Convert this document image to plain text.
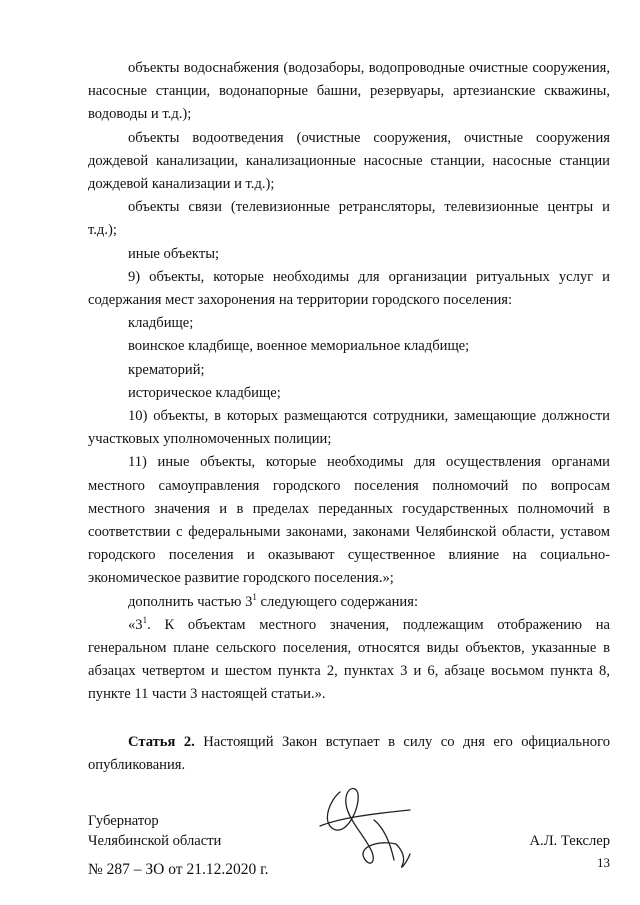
объекты водоснабжения (водозаборы, водопроводные очистные сооружения, насосные станции, водонапорные башни, резервуары, артезианские скважины, водоводы и т.д.);

объекты водоотведения (очистные сооружения, очистные сооружения дождевой канализации, канализационные насосные станции, насосные станции дождевой канализации и т.д.);

объекты связи (телевизионные ретрансляторы, телевизионные центры и т.д.);

иные объекты;

9) объекты, которые необходимы для организации ритуальных услуг и содержания мест захоронения на территории городского поселения:

кладбище;

воинское кладбище, военное мемориальное кладбище;

крематорий;

историческое кладбище;

10) объекты, в которых размещаются сотрудники, замещающие должности участковых уполномоченных полиции;

11) иные объекты, которые необходимы для осуществления органами местного самоуправления городского поселения полномочий по вопросам местного значения и в пределах переданных государственных полномочий в соответствии с федеральными законами, законами Челябинской области, уставом городского поселения и оказывают существенное влияние на социально-экономическое развитие городского поселения.»;

дополнить частью $3^1$ следующего содержания:

«$3^1$. К объектам местного значения, подлежащим отображению на генеральном плане сельского поселения, относятся виды объектов, указанные в абзацах четвертом и шестом пункта 2, пунктах 3 и 6, абзаце восьмом пункта 8, пункте 11 части 3 настоящей статьи.».

Статья 2. Настоящий Закон вступает в силу со дня его официального опубликования.

Губернатор
Челябинской области	А.Л. Текслер
№ 287 – ЗО от 21.12.2020 г.	13
